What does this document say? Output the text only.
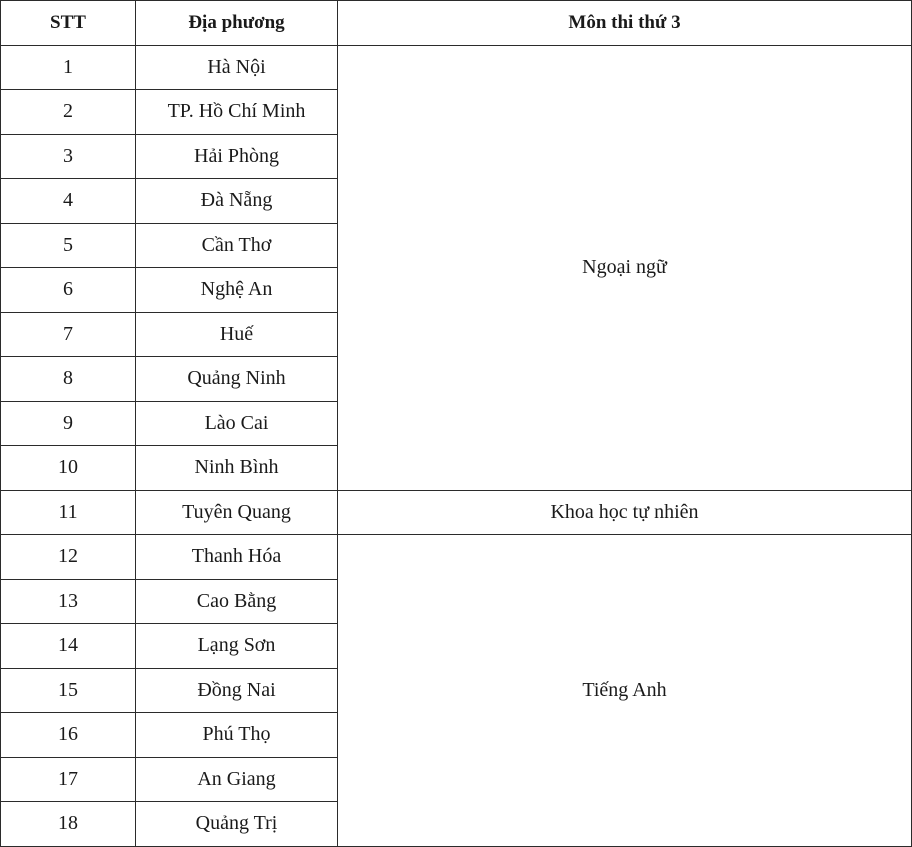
STT	Địa phương	Môn thi thứ 3
1	Hà Nội	Ngoại ngữ
2	TP. Hồ Chí Minh	
3	Hải Phòng	
4	Đà Nẵng	
5	Cần Thơ	
6	Nghệ An	
7	Huế	
8	Quảng Ninh	
9	Lào Cai	
10	Ninh Bình	
11	Tuyên Quang	Khoa học tự nhiên
12	Thanh Hóa	Tiếng Anh
13	Cao Bằng	
14	Lạng Sơn	
15	Đồng Nai	
16	Phú Thọ	
17	An Giang	
18	Quảng Trị	
